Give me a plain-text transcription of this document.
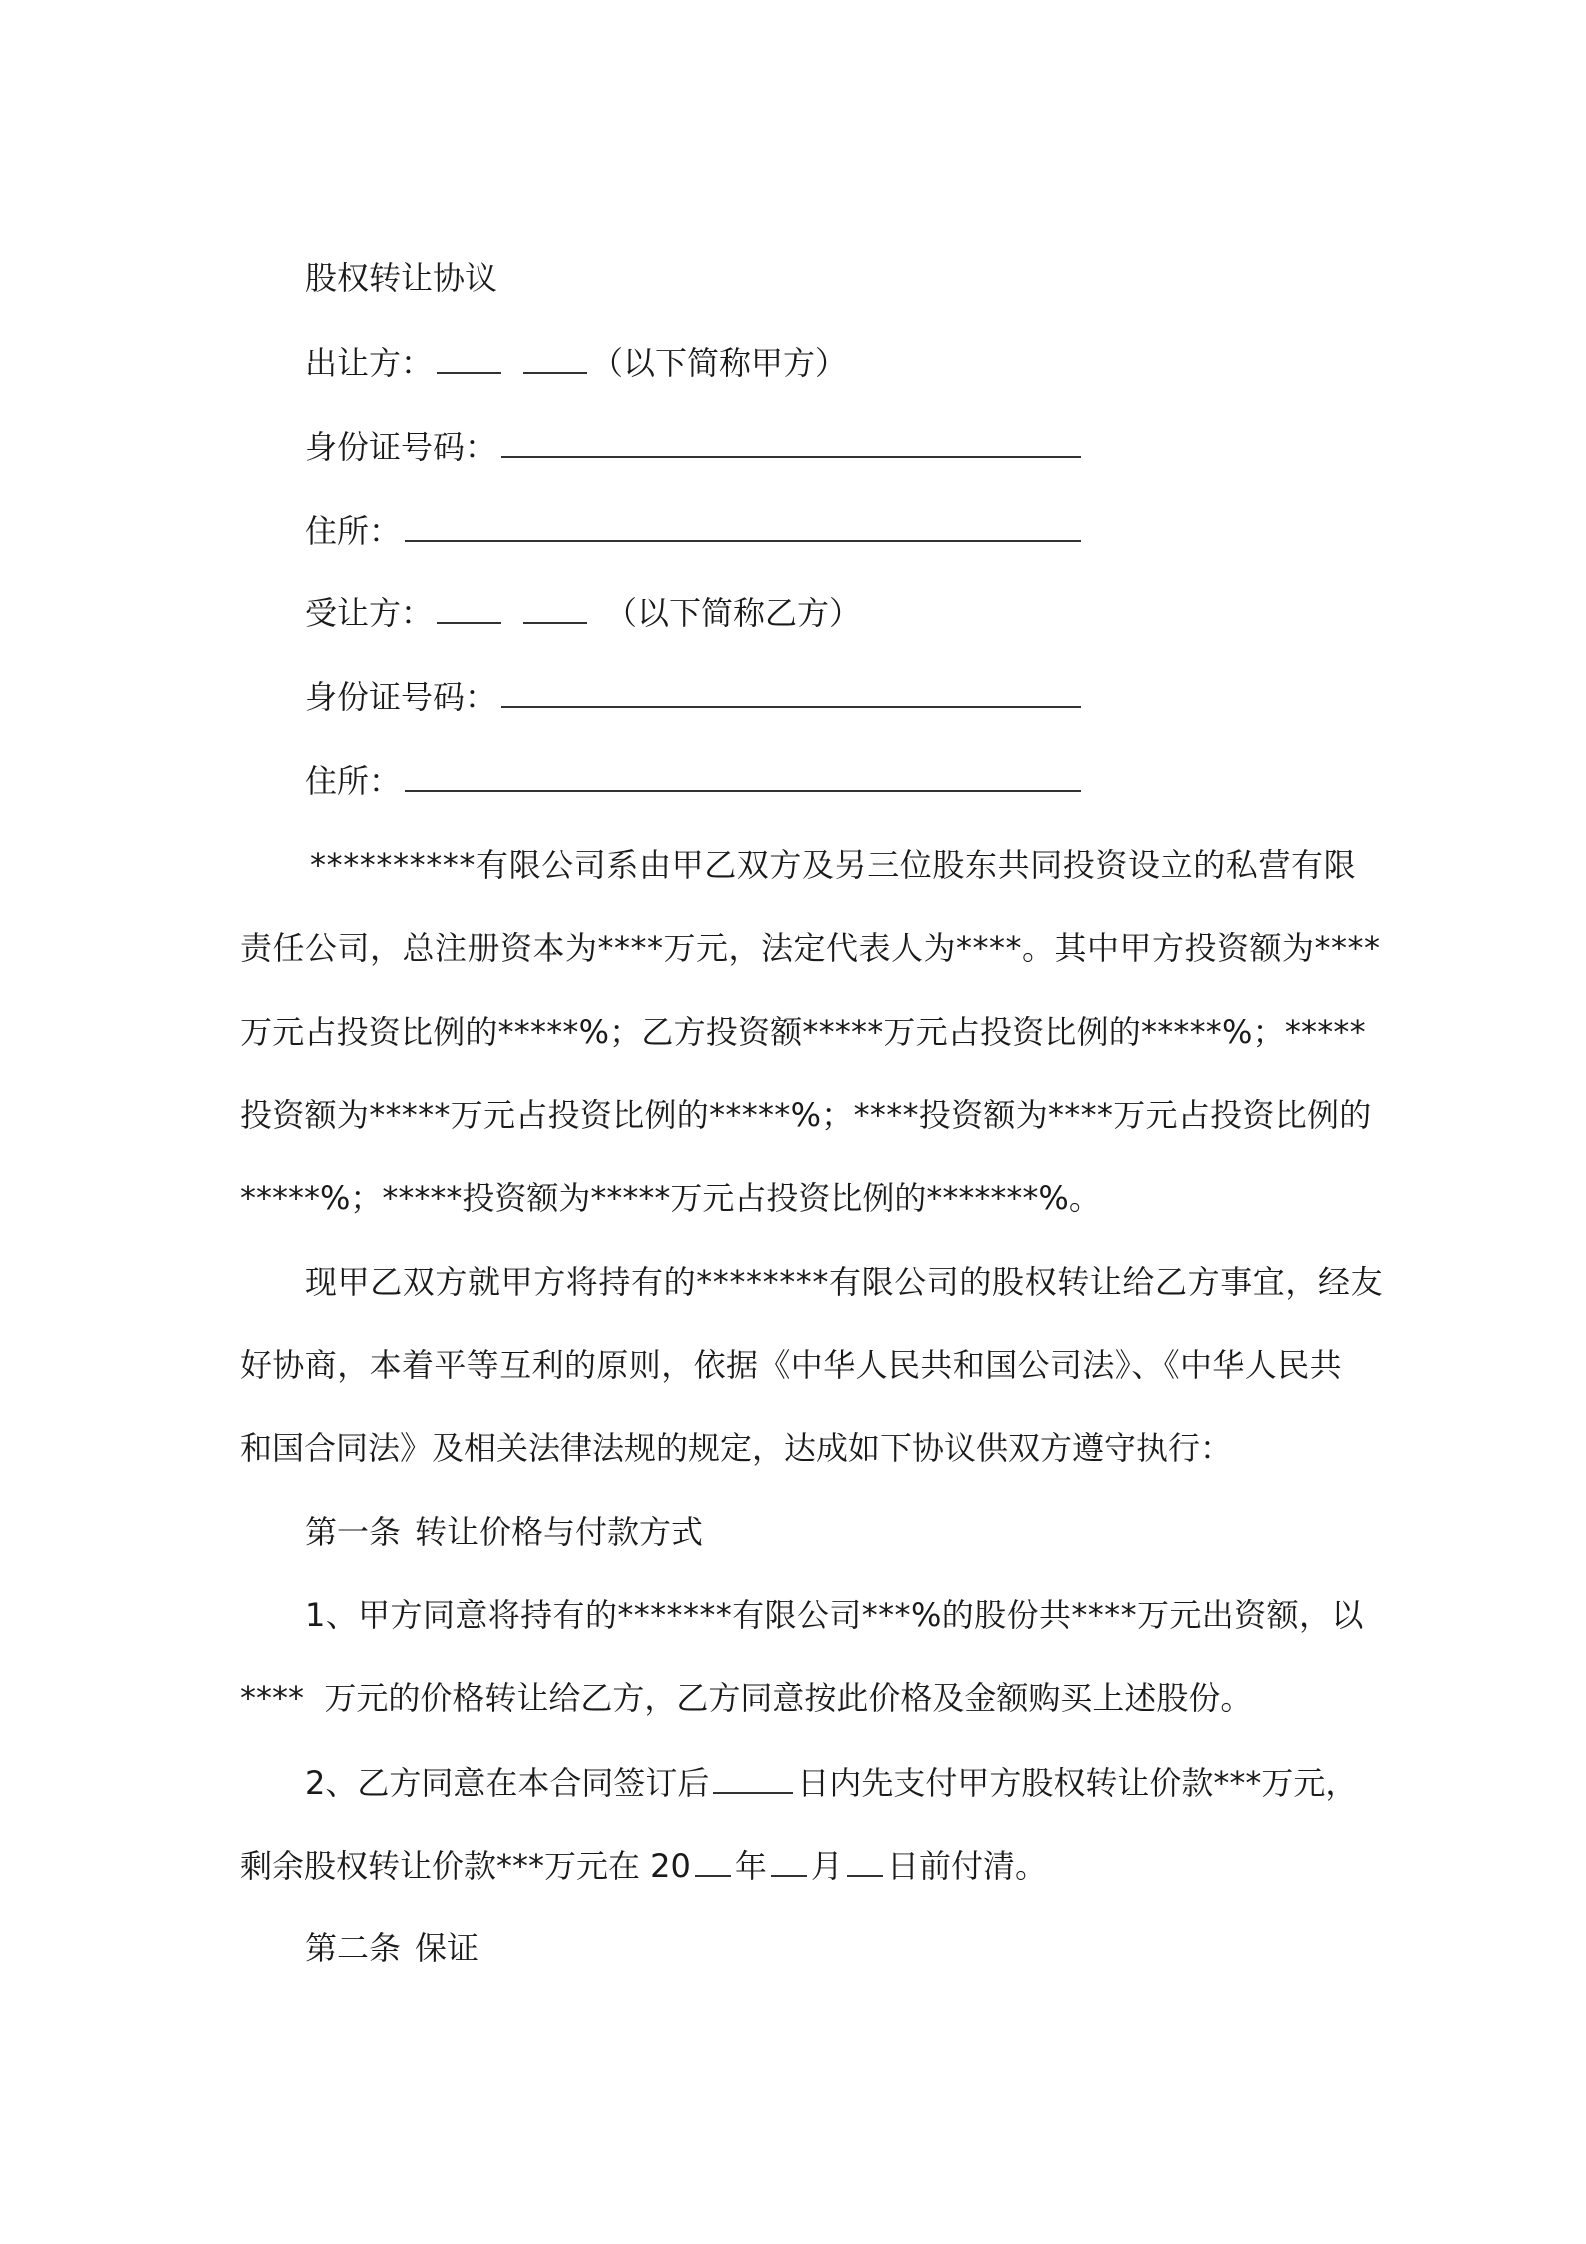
股权转让协议
出让方：	（以下简称甲方）
身份证号码：
住所：
受让方：	（以下简称乙方）
身份证号码：
住所：
**********有限公司系由甲乙双方及另三位股东共同投资设立的私营有限
责任公司，总注册资本为****万元，法定代表人为****。其中甲方投资额为****
万元占投资比例的*****%；乙方投资额*****万元占投资比例的*****%；*****
投资额为*****万元占投资比例的*****%；****投资额为****万元占投资比例的
*****%；*****投资额为*****万元占投资比例的*******%。
现甲乙双方就甲方将持有的********有限公司的股权转让给乙方事宜，经友
好协商，本着平等互利的原则，依据《中华人民共和国公司法》、《中华人民共
和国合同法》及相关法律法规的规定，达成如下协议供双方遵守执行：
第一条 转让价格与付款方式
1、甲方同意将持有的*******有限公司***%的股份共****万元出资额，以
****  万元的价格转让给乙方，乙方同意按此价格及金额购买上述股份。
2、乙方同意在本合同签订后	日内先支付甲方股权转让价款***万元，
剩余股权转让价款***万元在 20 年 月 日前付清。
第二条 保证
